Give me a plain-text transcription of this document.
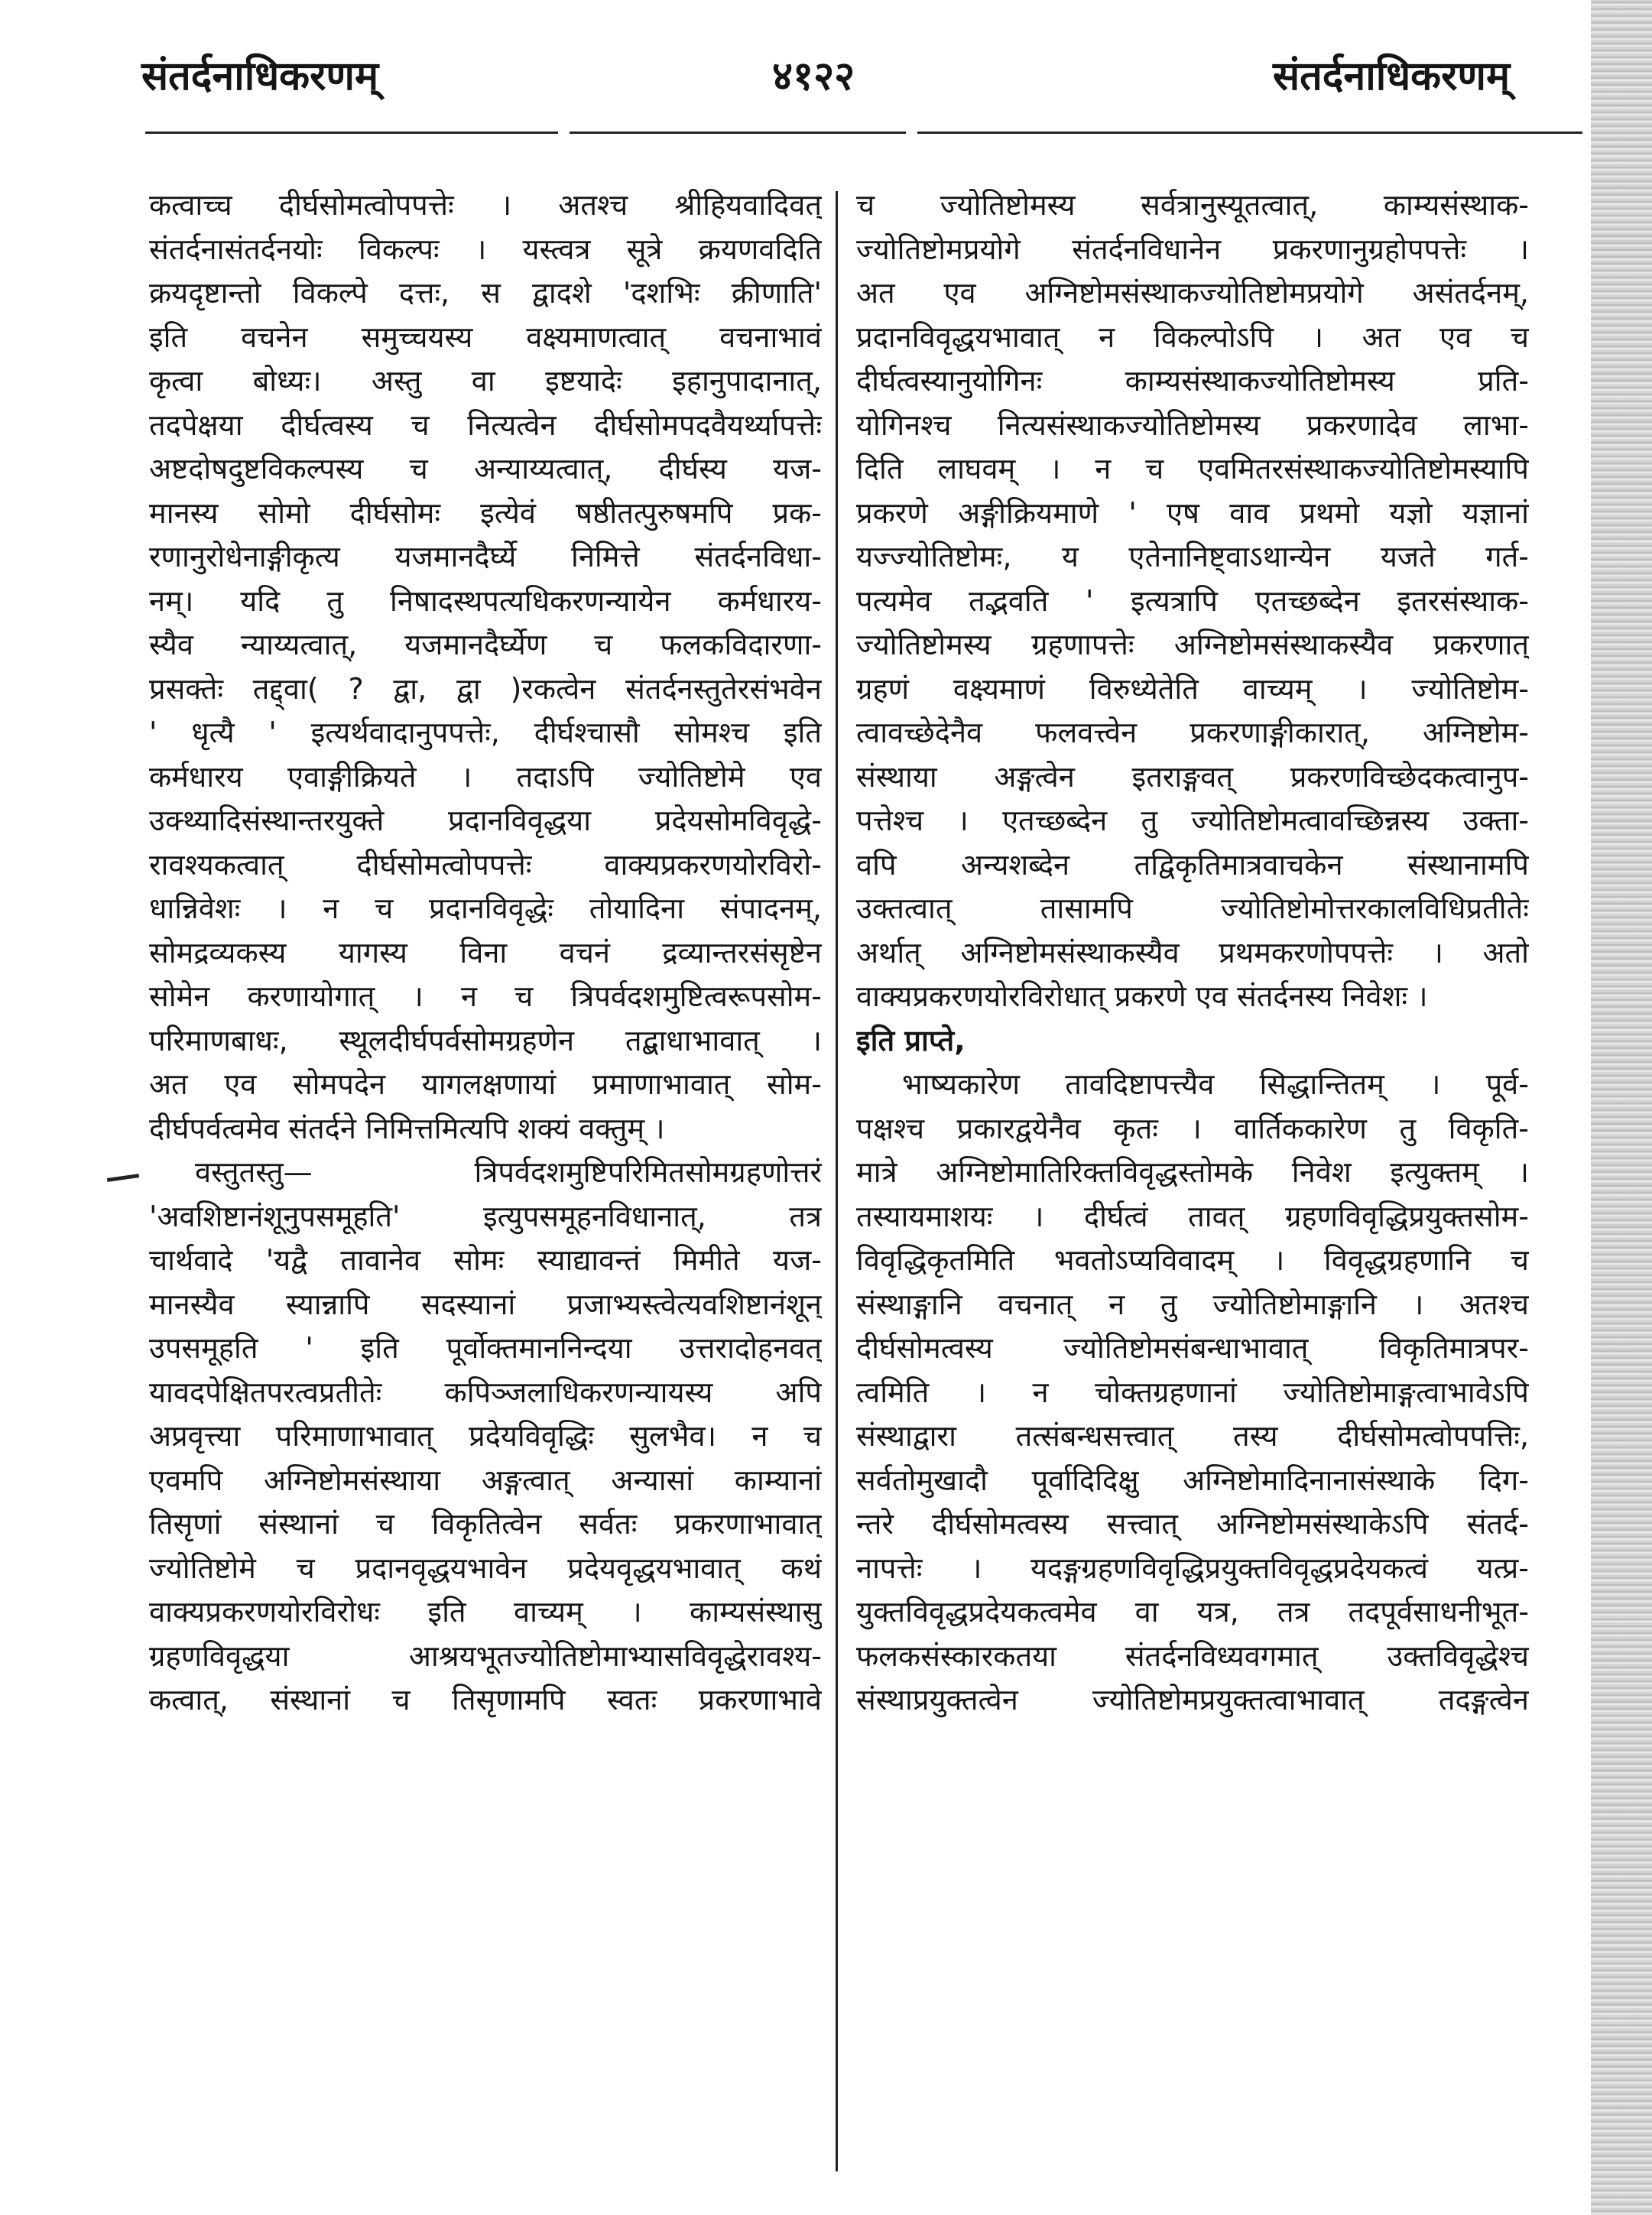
संतर्दनाधिकरणम्	४१२२	संतर्दनाधिकरणम्
कत्वाच्च दीर्घसोमत्वोपपत्तेः । अतश्च श्रीहियवादिवत्
संतर्दनासंतर्दनयोः विकल्पः । यस्त्वत्र सूत्रे क्रयणवदिति
क्रयदृष्टान्तो विकल्पे दत्तः, स द्वादशे 'दशभिः क्रीणाति'
इति वचनेन समुच्चयस्य वक्ष्यमाणत्वात् वचनाभावं
कृत्वा बोध्यः। अस्तु वा इष्टयादेः इहानुपादानात्,
तदपेक्षया दीर्घत्वस्य च नित्यत्वेन दीर्घसोमपदवैयर्थ्यापत्तेः
अष्टदोषदुष्टविकल्पस्य च अन्याय्यत्वात्, दीर्घस्य यज-
मानस्य सोमो दीर्घसोमः इत्येवं षष्ठीतत्पुरुषमपि प्रक-
रणानुरोधेनाङ्गीकृत्य यजमानदैर्घ्ये निमित्ते संतर्दनविधा-
नम्। यदि तु निषादस्थपत्यधिकरणन्यायेन कर्मधारय-
स्यैव न्याय्यत्वात्, यजमानदैर्घ्येण च फलकविदारणा-
प्रसक्तेः तद्द्वा( ? द्वा, द्वा )रकत्वेन संतर्दनस्तुतेरसंभवेन
' धृत्यै ' इत्यर्थवादानुपपत्तेः, दीर्घश्चासौ सोमश्च इति
कर्मधारय एवाङ्गीक्रियते । तदाऽपि ज्योतिष्टोमे एव
उक्थ्यादिसंस्थान्तरयुक्ते प्रदानविवृद्धया प्रदेयसोमविवृद्धे-
रावश्यकत्वात् दीर्घसोमत्वोपपत्तेः वाक्यप्रकरणयोरविरो-
धान्निवेशः । न च प्रदानविवृद्धेः तोयादिना संपादनम्,
सोमद्रव्यकस्य यागस्य विना वचनं द्रव्यान्तरसंसृष्टेन
सोमेन करणायोगात् । न च त्रिपर्वदशमुष्टित्वरूपसोम-
परिमाणबाधः, स्थूलदीर्घपर्वसोमग्रहणेन तद्बाधाभावात् ।
अत एव सोमपदेन यागलक्षणायां प्रमाणाभावात् सोम-
दीर्घपर्वत्वमेव संतर्दने निमित्तमित्यपि शक्यं वक्तुम् ।
वस्तुतस्तु— त्रिपर्वदशमुष्टिपरिमितसोमग्रहणोत्तरं
'अवशिष्टानंशूनुपसमूहति' इत्युपसमूहनविधानात्, तत्र
चार्थवादे 'यद्वै तावानेव सोमः स्याद्यावन्तं मिमीते यज-
मानस्यैव स्यान्नापि सदस्यानां प्रजाभ्यस्त्वेत्यवशिष्टानंशून्
उपसमूहति ' इति पूर्वोक्तमाननिन्दया उत्तरादोहनवत्
यावदपेक्षितपरत्वप्रतीतेः कपिञ्जलाधिकरणन्यायस्य अपि
अप्रवृत्त्या परिमाणाभावात् प्रदेयविवृद्धिः सुलभैव। न च
एवमपि अग्निष्टोमसंस्थाया अङ्गत्वात् अन्यासां काम्यानां
तिसृणां संस्थानां च विकृतित्वेन सर्वतः प्रकरणाभावात्
ज्योतिष्टोमे च प्रदानवृद्धयभावेन प्रदेयवृद्धयभावात् कथं
वाक्यप्रकरणयोरविरोधः इति वाच्यम् । काम्यसंस्थासु
ग्रहणविवृद्धया आश्रयभूतज्योतिष्टोमाभ्यासविवृद्धेरावश्य-
कत्वात्, संस्थानां च तिसृणामपि स्वतः प्रकरणाभावे
च ज्योतिष्टोमस्य सर्वत्रानुस्यूतत्वात्, काम्यसंस्थाक-
ज्योतिष्टोमप्रयोगे संतर्दनविधानेन प्रकरणानुग्रहोपपत्तेः ।
अत एव अग्निष्टोमसंस्थाकज्योतिष्टोमप्रयोगे असंतर्दनम्,
प्रदानविवृद्धयभावात् न विकल्पोऽपि । अत एव च
दीर्घत्वस्यानुयोगिनः काम्यसंस्थाकज्योतिष्टोमस्य प्रति-
योगिनश्च नित्यसंस्थाकज्योतिष्टोमस्य प्रकरणादेव लाभा-
दिति लाघवम् । न च एवमितरसंस्थाकज्योतिष्टोमस्यापि
प्रकरणे अङ्गीक्रियमाणे ' एष वाव प्रथमो यज्ञो यज्ञानां
यज्ज्योतिष्टोमः, य एतेनानिष्ट्वाऽथान्येन यजते गर्त-
पत्यमेव तद्भवति ' इत्यत्रापि एतच्छब्देन इतरसंस्थाक-
ज्योतिष्टोमस्य ग्रहणापत्तेः अग्निष्टोमसंस्थाकस्यैव प्रकरणात्
ग्रहणं वक्ष्यमाणं विरुध्येतेति वाच्यम् । ज्योतिष्टोम-
त्वावच्छेदेनैव फलवत्त्वेन प्रकरणाङ्गीकारात्, अग्निष्टोम-
संस्थाया अङ्गत्वेन इतराङ्गवत् प्रकरणविच्छेदकत्वानुप-
पत्तेश्च । एतच्छब्देन तु ज्योतिष्टोमत्वावच्छिन्नस्य उक्ता-
वपि अन्यशब्देन तद्विकृतिमात्रवाचकेन संस्थानामपि
उक्तत्वात् तासामपि ज्योतिष्टोमोत्तरकालविधिप्रतीतेः
अर्थात् अग्निष्टोमसंस्थाकस्यैव प्रथमकरणोपपत्तेः । अतो
वाक्यप्रकरणयोरविरोधात् प्रकरणे एव संतर्दनस्य निवेशः ।
इति प्राप्ते,
भाष्यकारेण तावदिष्टापत्त्यैव सिद्धान्तितम् । पूर्व-
पक्षश्च प्रकारद्वयेनैव कृतः । वार्तिककारेण तु विकृति-
मात्रे अग्निष्टोमातिरिक्तविवृद्धस्तोमके निवेश इत्युक्तम् ।
तस्यायमाशयः । दीर्घत्वं तावत् ग्रहणविवृद्धिप्रयुक्तसोम-
विवृद्धिकृतमिति भवतोऽप्यविवादम् । विवृद्धग्रहणानि च
संस्थाङ्गानि वचनात् न तु ज्योतिष्टोमाङ्गानि । अतश्च
दीर्घसोमत्वस्य ज्योतिष्टोमसंबन्धाभावात् विकृतिमात्रपर-
त्वमिति । न चोक्तग्रहणानां ज्योतिष्टोमाङ्गत्वाभावेऽपि
संस्थाद्वारा तत्संबन्धसत्त्वात् तस्य दीर्घसोमत्वोपपत्तिः,
सर्वतोमुखादौ पूर्वादिदिक्षु अग्निष्टोमादिनानासंस्थाके दिग-
न्तरे दीर्घसोमत्वस्य सत्त्वात् अग्निष्टोमसंस्थाकेऽपि संतर्द-
नापत्तेः । यदङ्गग्रहणविवृद्धिप्रयुक्तविवृद्धप्रदेयकत्वं यत्प्र-
युक्तविवृद्धप्रदेयकत्वमेव वा यत्र, तत्र तदपूर्वसाधनीभूत-
फलकसंस्कारकतया संतर्दनविध्यवगमात् उक्तविवृद्धेश्च
संस्थाप्रयुक्तत्वेन ज्योतिष्टोमप्रयुक्तत्वाभावात् तदङ्गत्वेन
